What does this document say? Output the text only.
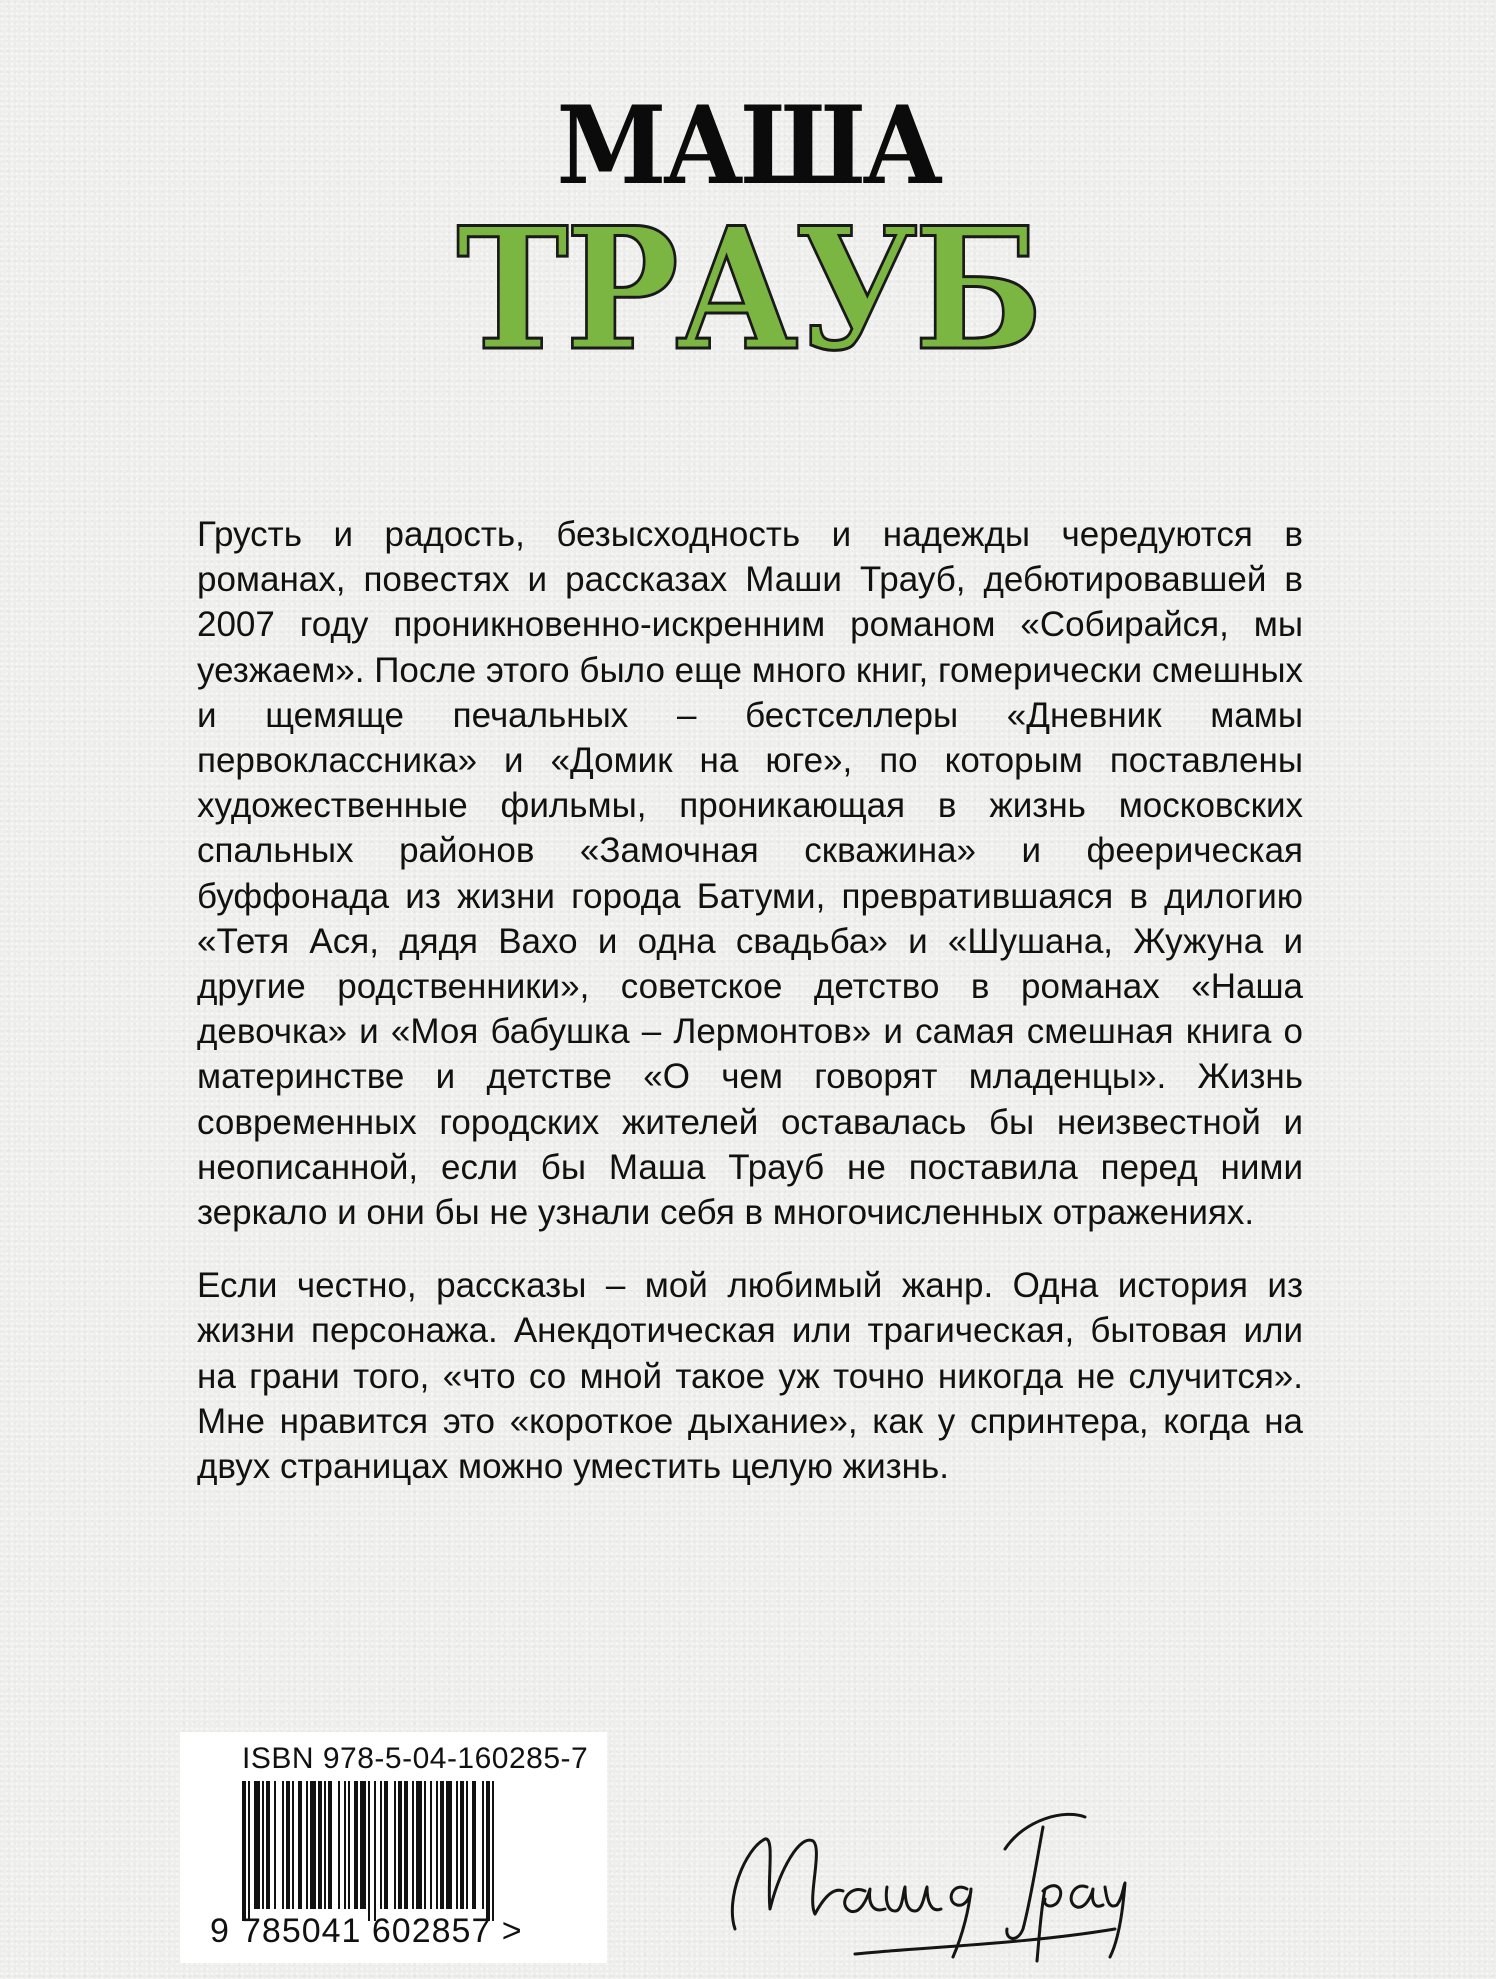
МАША
ТРАУБ

Грусть и радость, безысходность и надежды чередуются в романах, повестях и рассказах Маши Трауб, дебютировавшей в 2007 году проникновенно-искренним романом «Собирайся, мы уезжаем». После этого было еще много книг, гомерически смешных и щемяще печальных – бестселлеры «Дневник мамы первоклассника» и «Домик на юге», по которым поставлены художественные фильмы, проникающая в жизнь московских спальных районов «Замочная скважина» и феерическая буффонада из жизни города Батуми, превратившаяся в дилогию «Тетя Ася, дядя Вахо и одна свадьба» и «Шушана, Жужуна и другие родственники», советское детство в романах «Наша девочка» и «Моя бабушка – Лермонтов» и самая смешная книга о материнстве и детстве «О чем говорят младенцы». Жизнь современных городских жителей оставалась бы неизвестной и неописанной, если бы Маша Трауб не поставила перед ними зеркало и они бы не узнали себя в многочисленных отражениях.

Если честно, рассказы – мой любимый жанр. Одна история из жизни персонажа. Анекдотическая или трагическая, бытовая или на грани того, «что со мной такое уж точно никогда не случится». Мне нравится это «короткое дыхание», как у спринтера, когда на двух страницах можно уместить целую жизнь.

ISBN 978-5-04-160285-7
9 785041 602857 >
